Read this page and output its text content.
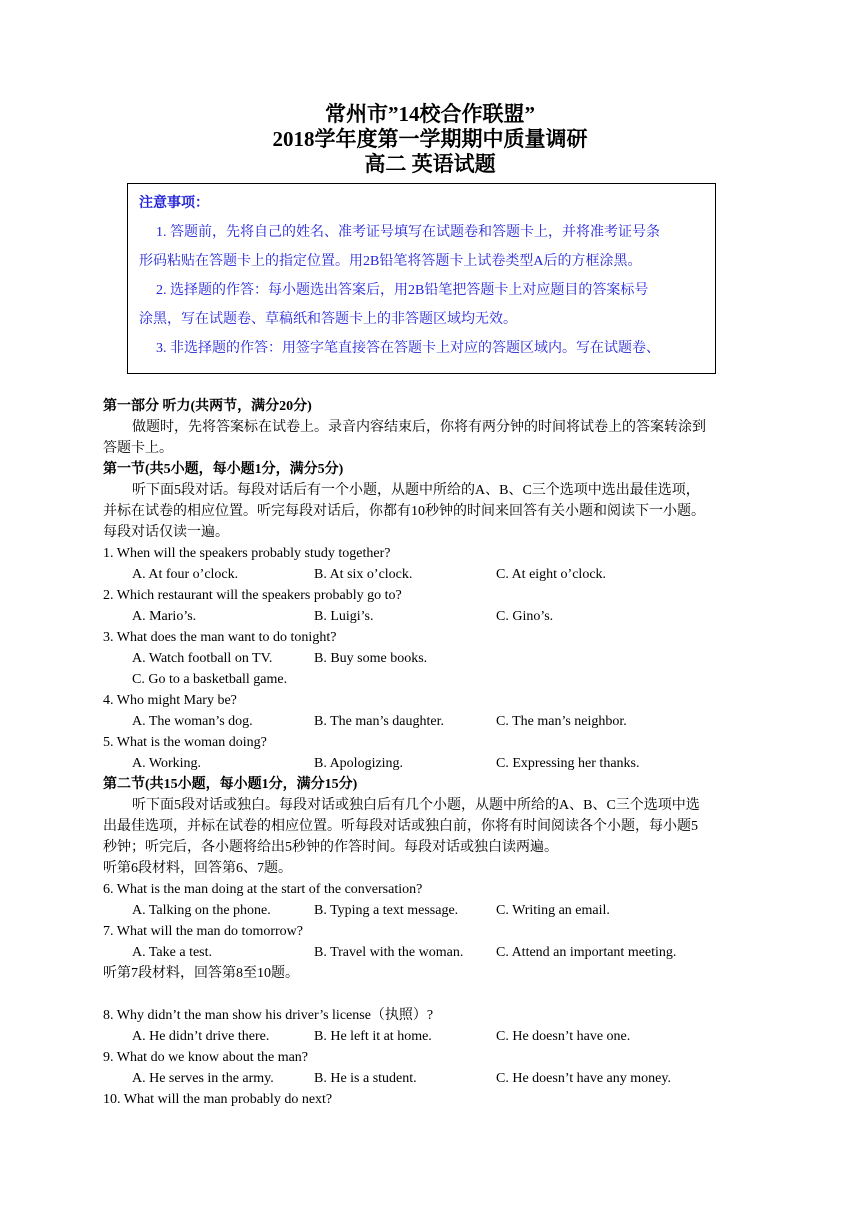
常州市”14校合作联盟”
2018学年度第一学期期中质量调研
高二 英语试题
注意事项：
1. 答题前，先将自己的姓名、准考证号填写在试题卷和答题卡上，并将准考证号条
形码粘贴在答题卡上的指定位置。用2B铅笔将答题卡上试卷类型A后的方框涂黑。
2. 选择题的作答：每小题选出答案后，用2B铅笔把答题卡上对应题目的答案标号
涂黑，写在试题卷、草稿纸和答题卡上的非答题区域均无效。
3. 非选择题的作答：用签字笔直接答在答题卡上对应的答题区域内。写在试题卷、
第一部分 听力(共两节，满分20分)
做题时，先将答案标在试卷上。录音内容结束后，你将有两分钟的时间将试卷上的答案转涂到
答题卡上。
第一节(共5小题，每小题1分，满分5分)
听下面5段对话。每段对话后有一个小题，从题中所给的A、B、C三个选项中选出最佳选项，
并标在试卷的相应位置。听完每段对话后，你都有10秒钟的时间来回答有关小题和阅读下一小题。
每段对话仅读一遍。
1. When will the speakers probably study together?
A. At four o’clock.	B. At six o’clock.	C. At eight o’clock.
2. Which restaurant will the speakers probably go to?
A. Mario’s.	B. Luigi’s.	C. Gino’s.
3. What does the man want to do tonight?
A. Watch football on TV.	B. Buy some books.
C. Go to a basketball game.
4. Who might Mary be?
A. The woman’s dog.	B. The man’s daughter.	C. The man’s neighbor.
5. What is the woman doing?
A. Working.	B. Apologizing.	C. Expressing her thanks.
第二节(共15小题，每小题1分，满分15分)
听下面5段对话或独白。每段对话或独白后有几个小题，从题中所给的A、B、C三个选项中选
出最佳选项，并标在试卷的相应位置。听每段对话或独白前，你将有时间阅读各个小题，每小题5
秒钟；听完后，各小题将给出5秒钟的作答时间。每段对话或独白读两遍。
听第6段材料，回答第6、7题。
6. What is the man doing at the start of the conversation?
A. Talking on the phone.	B. Typing a text message.	C. Writing an email.
7. What will the man do tomorrow?
A. Take a test.	B. Travel with the woman. C. Attend an important meeting.
听第7段材料，回答第8至10题。
8. Why didn’t the man show his driver’s license（执照）?
A. He didn’t drive there.	B. He left it at home.	C. He doesn’t have one.
9. What do we know about the man?
A. He serves in the army.	B. He is a student.	C. He doesn’t have any money.
10. What will the man probably do next?
